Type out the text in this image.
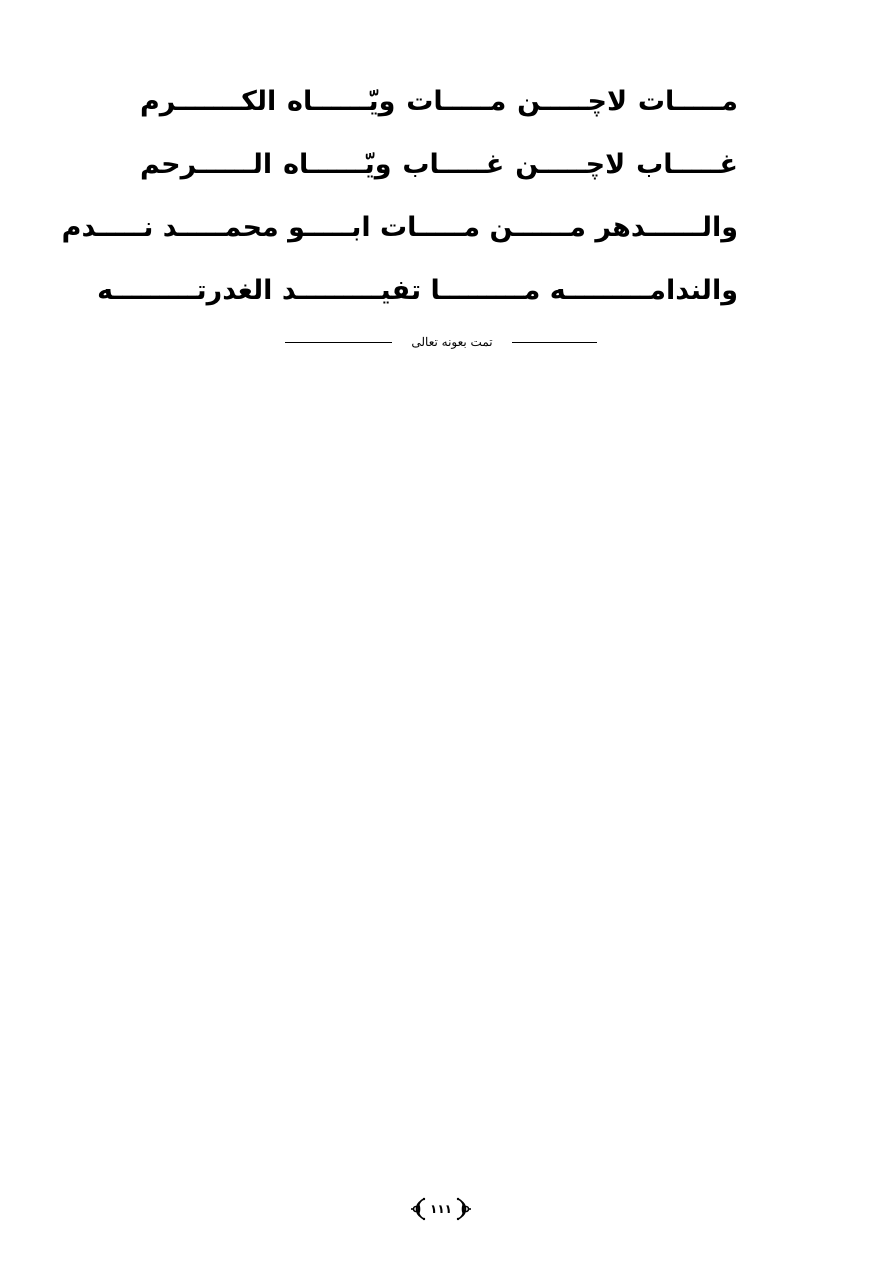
مـــــات لاچـــــن مـــــات ويّــــــاه الكـــــــرم
غـــــاب لاچـــــن غـــــاب ويّــــــاه الــــــرحم
والــــــدهر مــــــن مـــــات ابـــــو محمـــــد نـــــدم
والندامـــــــــه مـــــــــا تفيـــــــــد الغدرتـــــــــه
تمت بعونه تعالى
١١١
